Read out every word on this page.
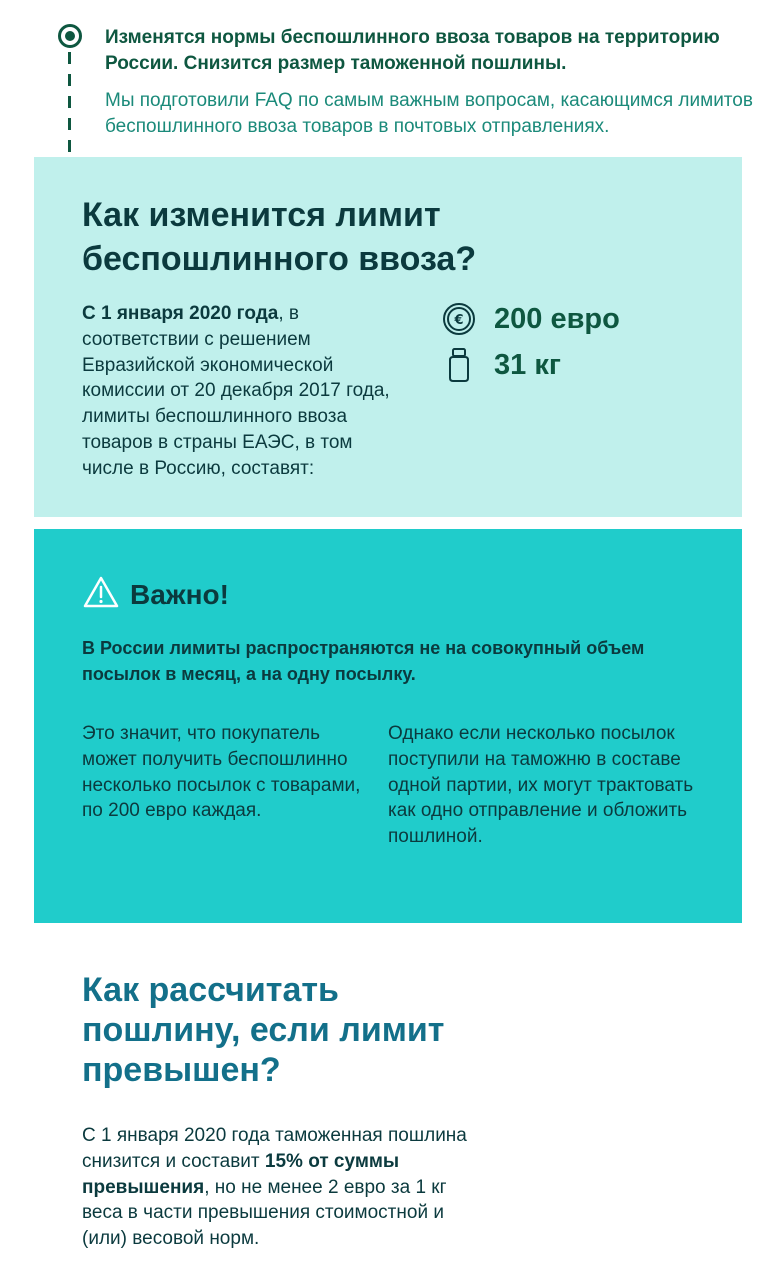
Изменятся нормы беспошлинного ввоза товаров на территорию России. Снизится размер таможенной пошлины.
Мы подготовили FAQ по самым важным вопросам, касающимся лимитов беспошлинного ввоза товаров в почтовых отправлениях.
Как изменится лимит беспошлинного ввоза?
С 1 января 2020 года, в соответствии с решением Евразийской экономической комиссии от 20 декабря 2017 года, лимиты беспошлинного ввоза товаров в страны ЕАЭС, в том числе в Россию, составят:
€ 200 евро
31 кг
Важно!
В России лимиты распространяются не на совокупный объем посылок в месяц, а на одну посылку.
Это значит, что покупатель может получить беспошлинно несколько посылок с товарами, по 200 евро каждая.
Однако если несколько посылок поступили на таможню в составе одной партии, их могут трактовать как одно отправление и обложить пошлиной.
Как рассчитать пошлину, если лимит превышен?
С 1 января 2020 года таможенная пошлина снизится и составит 15% от суммы превышения, но не менее 2 евро за 1 кг веса в части превышения стоимостной и (или) весовой норм.
